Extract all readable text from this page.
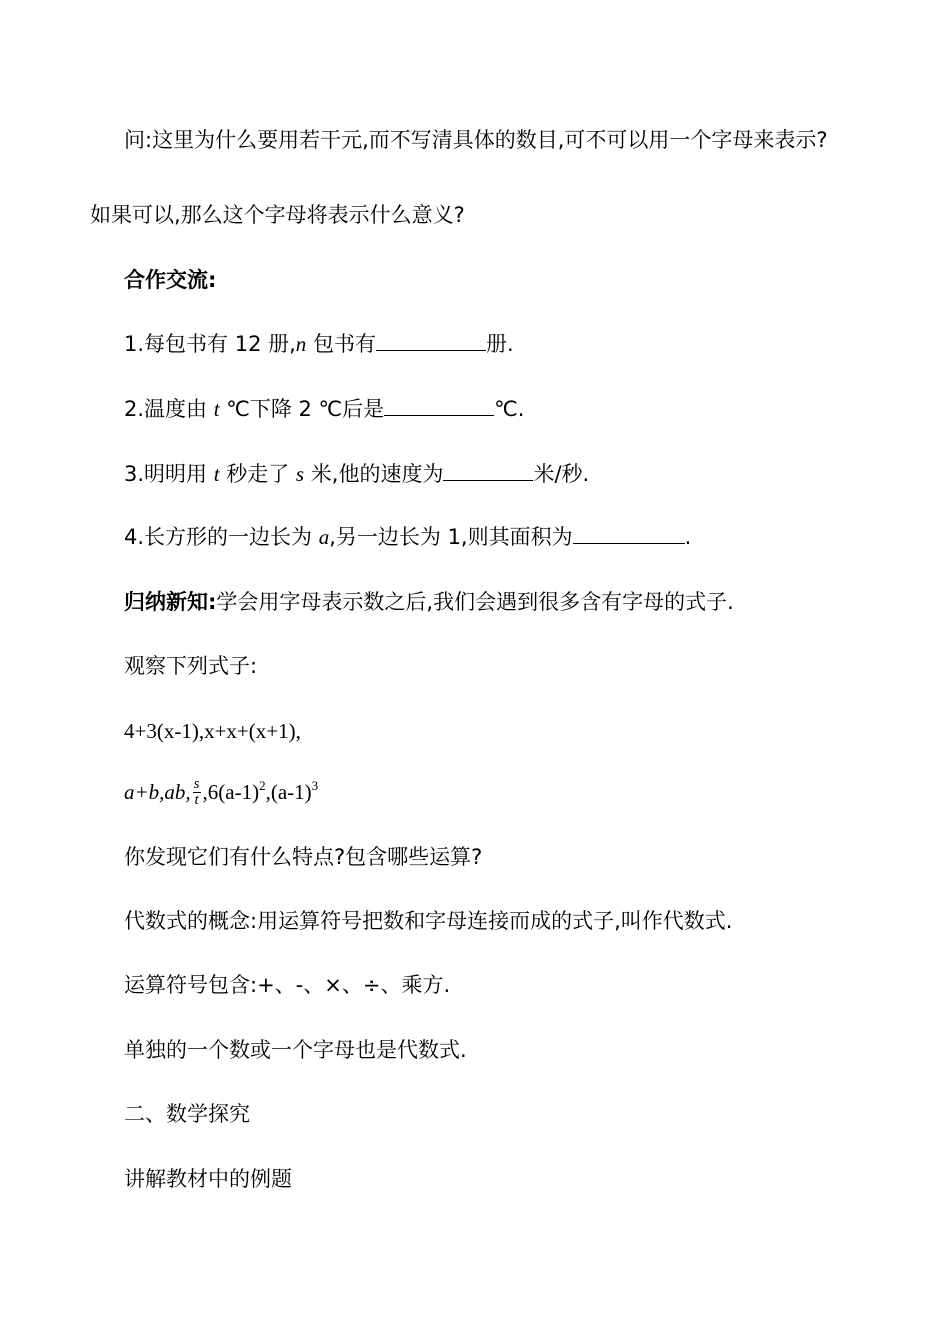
问:这里为什么要用若干元,而不写清具体的数目,可不可以用一个字母来表示?
如果可以,那么这个字母将表示什么意义?
合作交流:
1.每包书有 12 册,n 包书有	册.
2.温度由 t ℃下降 2 ℃后是	℃.
3.明明用 t 秒走了 s 米,他的速度为	米/秒.
4.长方形的一边长为 a,另一边长为 1,则其面积为	.
归纳新知:学会用字母表示数之后,我们会遇到很多含有字母的式子.
观察下列式子:
4+3(x-1),x+x+(x+1),
a+b,ab, $\frac{s}{t} ,6(a-1)^2,(a-1)^3$
你发现它们有什么特点?包含哪些运算?
代数式的概念:用运算符号把数和字母连接而成的式子,叫作代数式.
运算符号包含:+、-、×、÷、乘方.
单独的一个数或一个字母也是代数式.
二、数学探究
讲解教材中的例题
